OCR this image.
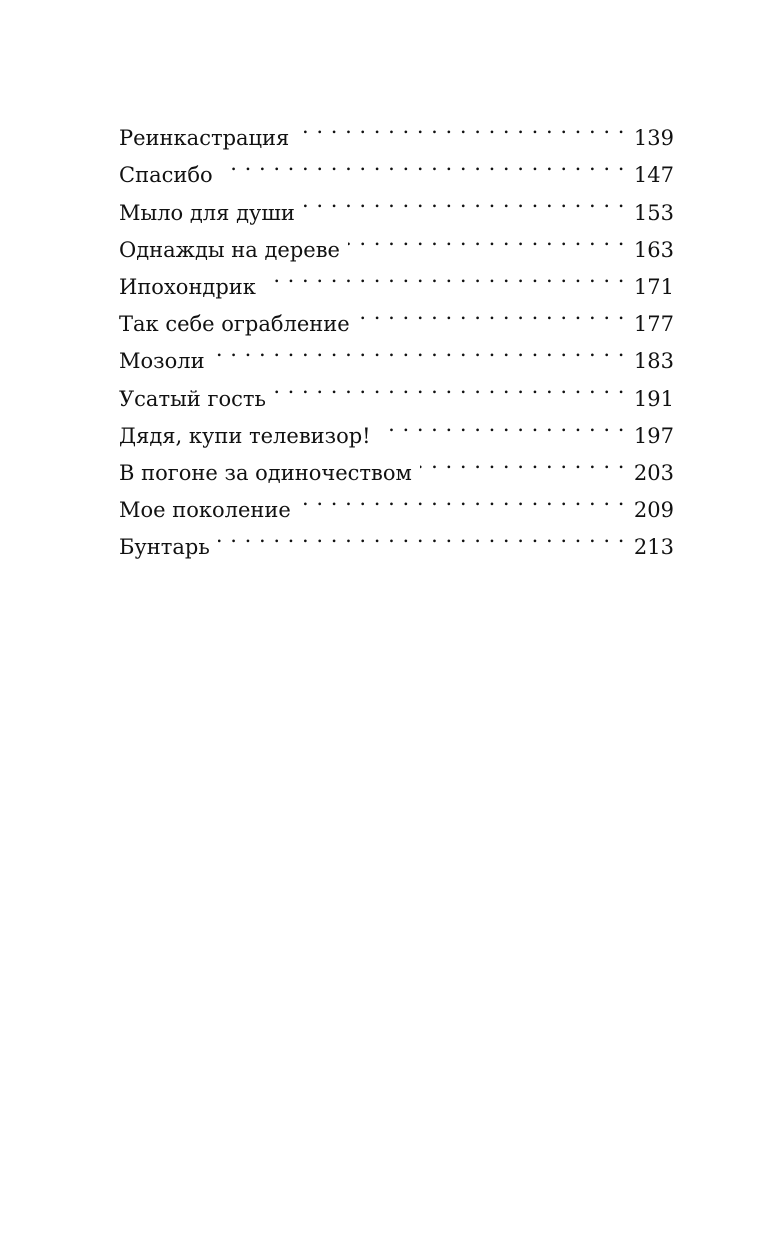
Реинкастрация . . .	139
Спасибо . . .	147
Мыло для души . . .	153
Однажды на дереве . . .	163
Ипохондрик . . .	171
Так себе ограбление . . .	177
Мозоли . . .	183
Усатый гость . . .	191
Дядя, купи телевизор! . . .	197
В погоне за одиночеством . . .	203
Мое поколение . . .	209
Бунтарь . . .	213
